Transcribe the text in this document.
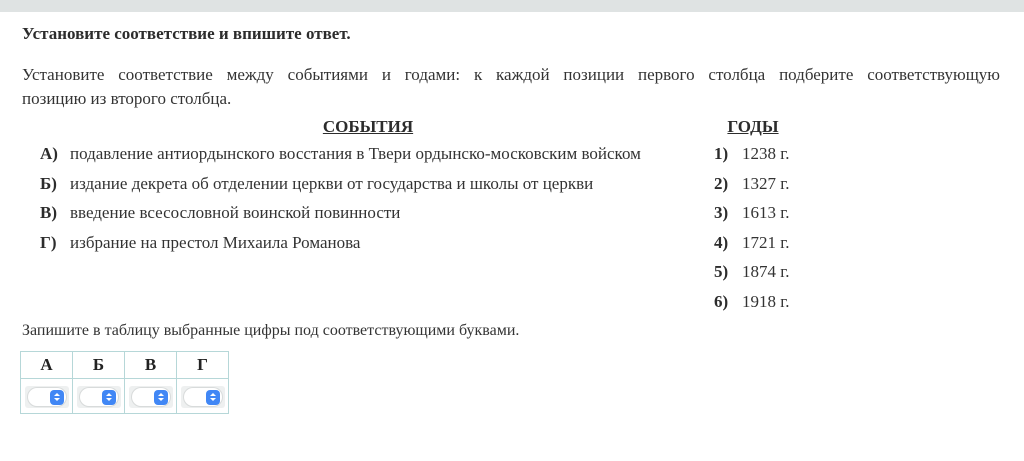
Установите соответствие и впишите ответ.
Установите соответствие между событиями и годами: к каждой позиции первого столбца подберите соответствующую
позицию из второго столбца.
СОБЫТИЯ	ГОДЫ
А) подавление антиордынского восстания в Твери ордынско-московским войском
Б) издание декрета об отделении церкви от государства и школы от церкви
В) введение всесословной воинской повинности
Г) избрание на престол Михаила Романова
1) 1238 г.
2) 1327 г.
3) 1613 г.
4) 1721 г.
5) 1874 г.
6) 1918 г.
Запишите в таблицу выбранные цифры под соответствующими буквами.
А	Б	В	Г
